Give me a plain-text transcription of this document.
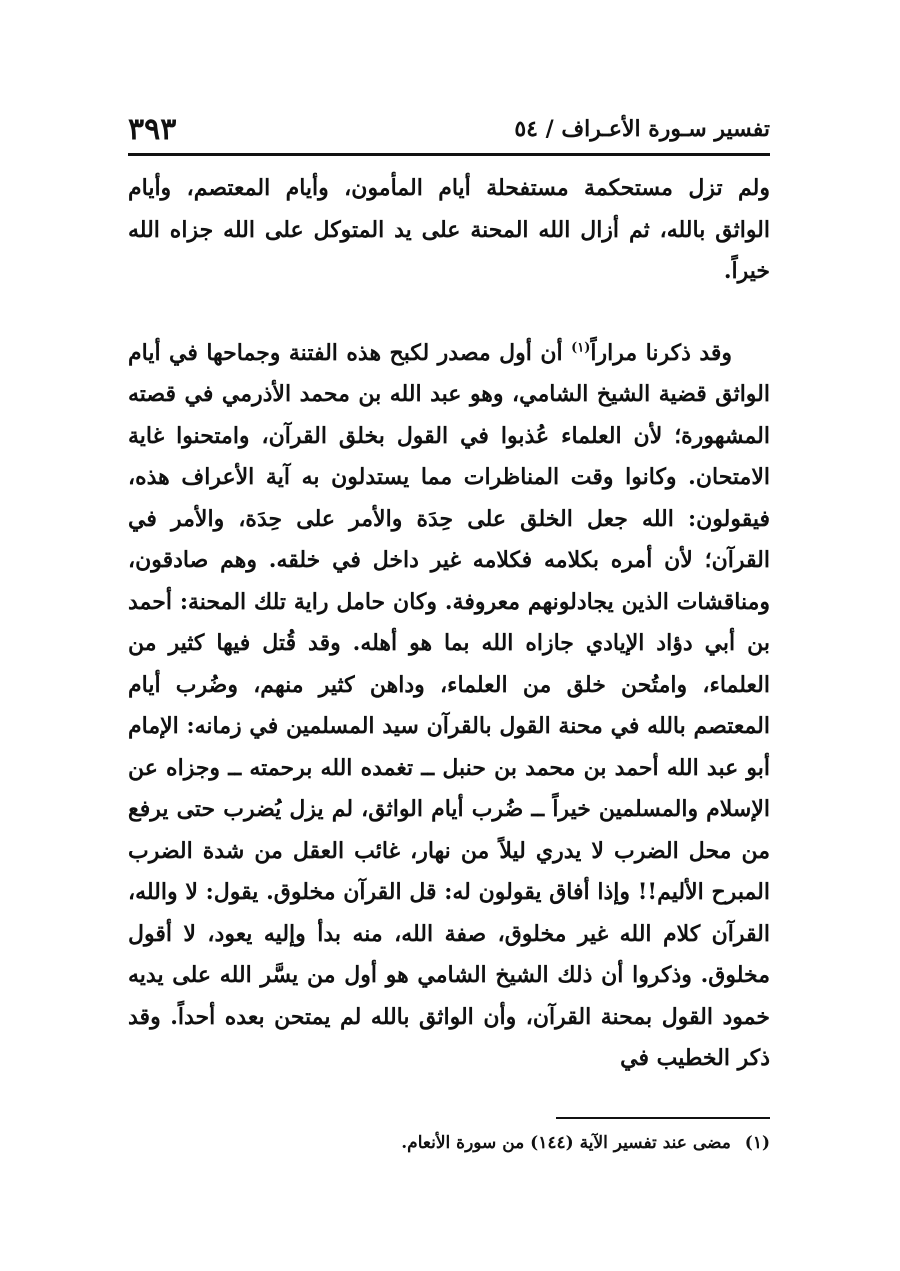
تفسير سـورة الأعـراف / ٥٤
٣٩٣

ولم تزل مستحكمة مستفحلة أيام المأمون، وأيام المعتصم، وأيام الواثق بالله، ثم أزال الله المحنة على يد المتوكل على الله جزاه الله خيراً.

وقد ذكرنا مراراً$^{(١)}$ أن أول مصدر لكبح هذه الفتنة وجماحها في أيام الواثق قضية الشيخ الشامي، وهو عبد الله بن محمد الأذرمي في قصته المشهورة؛ لأن العلماء عُذبوا في القول بخلق القرآن، وامتحنوا غاية الامتحان. وكانوا وقت المناظرات مما يستدلون به آية الأعراف هذه، فيقولون: الله جعل الخلق على حِدَة والأمر على حِدَة، والأمر في القرآن؛ لأن أمره بكلامه فكلامه غير داخل في خلقه. وهم صادقون، ومناقشات الذين يجادلونهم معروفة. وكان حامل راية تلك المحنة: أحمد بن أبي دؤاد الإيادي جازاه الله بما هو أهله. وقد قُتل فيها كثير من العلماء، وامتُحن خلق من العلماء، وداهن كثير منهم، وضُرب أيام المعتصم بالله في محنة القول بالقرآن سيد المسلمين في زمانه: الإمام أبو عبد الله أحمد بن محمد بن حنبل ــ تغمده الله برحمته ــ وجزاه عن الإسلام والمسلمين خيراً ــ ضُرب أيام الواثق، لم يزل يُضرب حتى يرفع من محل الضرب لا يدري ليلاً من نهار، غائب العقل من شدة الضرب المبرح الأليم!! وإذا أفاق يقولون له: قل القرآن مخلوق. يقول: لا والله، القرآن كلام الله غير مخلوق، صفة الله، منه بدأ وإليه يعود، لا أقول مخلوق. وذكروا أن ذلك الشيخ الشامي هو أول من يسَّر الله على يديه خمود القول بمحنة القرآن، وأن الواثق بالله لم يمتحن بعده أحداً. وقد ذكر الخطيب في

(١) مضى عند تفسير الآية (١٤٤) من سورة الأنعام.
